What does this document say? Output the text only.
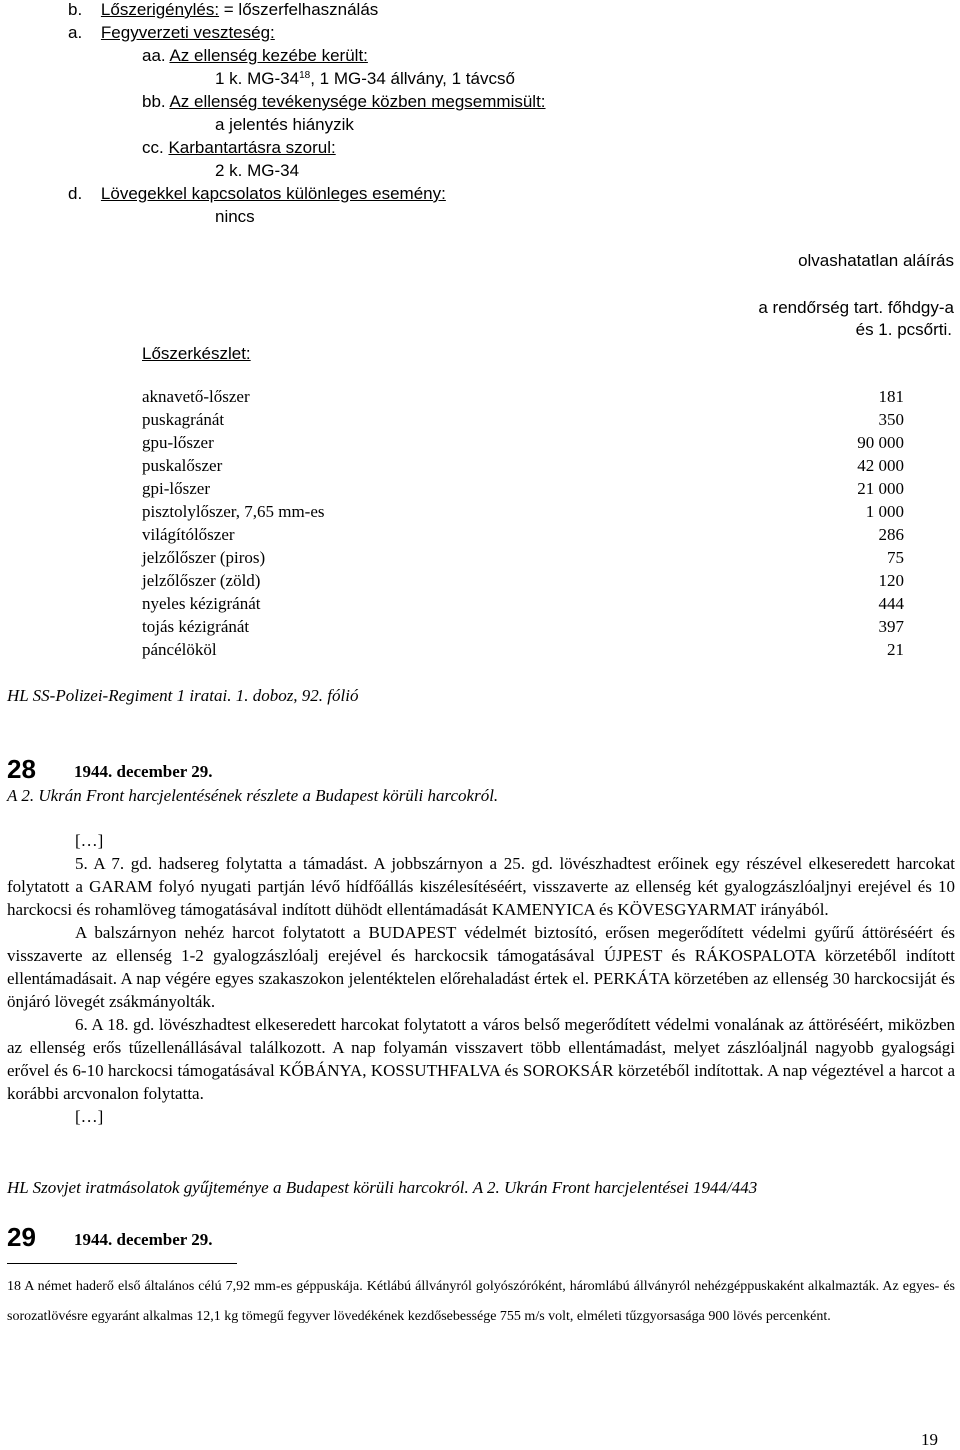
b. Lőszerigénylés: = lőszerfelhasználás
a. Fegyverzeti veszteség:
aa. Az ellenség kezébe került:
1 k. $MG-34^{18}$, 1 MG-34 állvány, 1 távcső
bb. Az ellenség tevékenysége közben megsemmisült:
a jelentés hiányzik
cc. Karbantartásra szorul:
2 k. MG-34
d. Lövegekkel kapcsolatos különleges esemény:
nincs
olvashatatlan aláírás
a rendőrség tart. főhdgy-a
és 1. pcsőrti.
Lőszerkészlet:
aknavető-lőszer	181
puskagránát	350
gpu-lőszer	90 000
puskalőszer	42 000
gpi-lőszer	21 000
pisztolylőszer, 7,65 mm-es	1 000
világítólőszer	286
jelzőlőszer (piros)	75
jelzőlőszer (zöld)	120
nyeles kézigránát	444
tojás kézigránát	397
páncélököl	21
HL SS-Polizei-Regiment 1 iratai. 1. doboz, 92. fólió
28 1944. december 29.
A 2. Ukrán Front harcjelentésének részlete a Budapest körüli harcokról.

[…]

5. A 7. gd. hadsereg folytatta a támadást. A jobbszárnyon a 25. gd. lövészhadtest erőinek egy részével elkeseredett harcokat folytatott a GARAM folyó nyugati partján lévő hídfőállás kiszélesítéséért, visszaverte az ellenség két gyalogzászlóaljnyi erejével és 10 harckocsi és rohamlöveg támogatásával indított dühödt ellentámadását KAMENYICA és KÖVESGYARMAT irányából.

A balszárnyon nehéz harcot folytatott a BUDAPEST védelmét biztosító, erősen megerődített védelmi gyűrű áttöréséért és visszaverte az ellenség 1-2 gyalogzászlóalj erejével és harckocsik támogatásával ÚJPEST és RÁKOSPALOTA körzetéből indított ellentámadásait. A nap végére egyes szakaszokon jelentéktelen előrehaladást értek el. PERKÁTA körzetében az ellenség 30 harckocsiját és önjáró lövegét zsákmányolták.

6. A 18. gd. lövészhadtest elkeseredett harcokat folytatott a város belső megerődített védelmi vonalának az áttöréséért, miközben az ellenség erős tűzellenállásával találkozott. A nap folyamán visszavert több ellentámadást, melyet zászlóaljnál nagyobb gyalogsági erővel és 6-10 harckocsi támogatásával KŐBÁNYA, KOSSUTHFALVA és SOROKSÁR körzetéből indítottak. A nap végeztével a harcot a korábbi arcvonalon folytatta.

[…]

HL Szovjet iratmásolatok gyűjteménye a Budapest körüli harcokról. A 2. Ukrán Front harcjelentései 1944/443
29 1944. december 29.
18 A német haderő első általános célú 7,92 mm-es géppuskája. Kétlábú állványról golyószóróként, háromlábú állványról nehézgéppuskaként alkalmazták. Az egyes- és sorozatlövésre egyaránt alkalmas 12,1 kg tömegű fegyver lövedékének kezdősebessége 755 m/s volt, elméleti tűzgyorsasága 900 lövés percenként.
19
